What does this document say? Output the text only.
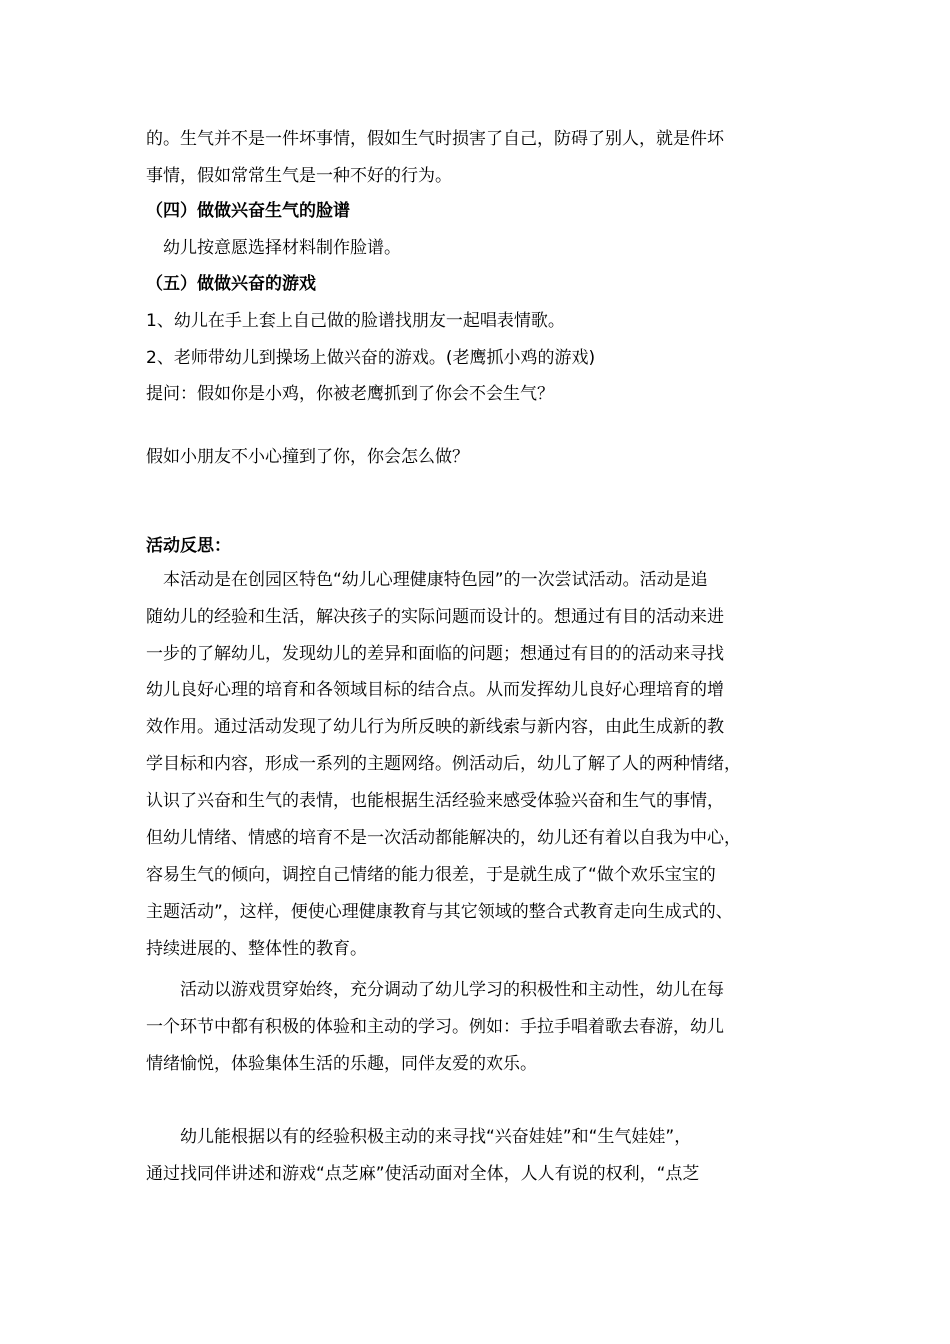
的。生气并不是一件坏事情，假如生气时损害了自己，防碍了别人，就是件坏
事情，假如常常生气是一种不好的行为。
（四）做做兴奋生气的脸谱
　幼儿按意愿选择材料制作脸谱。
（五）做做兴奋的游戏
1、幼儿在手上套上自己做的脸谱找朋友一起唱表情歌。
2、老师带幼儿到操场上做兴奋的游戏。(老鹰抓小鸡的游戏)
提问：假如你是小鸡，你被老鹰抓到了你会不会生气？
假如小朋友不小心撞到了你，你会怎么做？
活动反思：
　本活动是在创园区特色“幼儿心理健康特色园”的一次尝试活动。活动是追
随幼儿的经验和生活，解决孩子的实际问题而设计的。想通过有目的活动来进
一步的了解幼儿，发现幼儿的差异和面临的问题；想通过有目的的活动来寻找
幼儿良好心理的培育和各领域目标的结合点。从而发挥幼儿良好心理培育的增
效作用。通过活动发现了幼儿行为所反映的新线索与新内容，由此生成新的教
学目标和内容，形成一系列的主题网络。例活动后，幼儿了解了人的两种情绪，
认识了兴奋和生气的表情，也能根据生活经验来感受体验兴奋和生气的事情，
但幼儿情绪、情感的培育不是一次活动都能解决的，幼儿还有着以自我为中心，
容易生气的倾向，调控自己情绪的能力很差，于是就生成了“做个欢乐宝宝的
主题活动”，这样，便使心理健康教育与其它领域的整合式教育走向生成式的、
持续进展的、整体性的教育。
　　活动以游戏贯穿始终，充分调动了幼儿学习的积极性和主动性，幼儿在每
一个环节中都有积极的体验和主动的学习。例如：手拉手唱着歌去春游，幼儿
情绪愉悦，体验集体生活的乐趣，同伴友爱的欢乐。
　　幼儿能根据以有的经验积极主动的来寻找“兴奋娃娃”和“生气娃娃”，
通过找同伴讲述和游戏“点芝麻”使活动面对全体，人人有说的权利，“点芝
